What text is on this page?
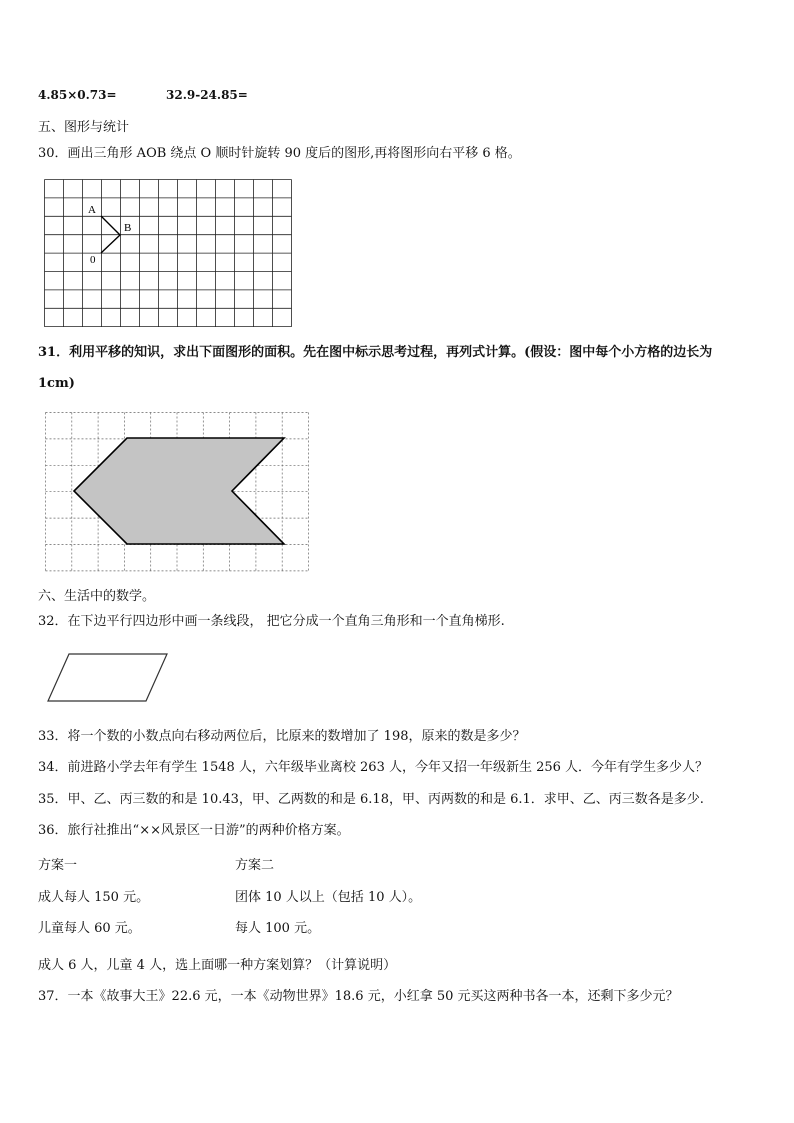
4.85×0.73=	32.9-24.85=
五、图形与统计
30．画出三角形 AOB 绕点 O 顺时针旋转 90 度后的图形,再将图形向右平移 6 格。
A
B
0
31．利用平移的知识，求出下面图形的面积。先在图中标示思考过程，再列式计算。(假设：图中每个小方格的边长为
1cm)
六、生活中的数学。
32．在下边平行四边形中画一条线段， 把它分成一个直角三角形和一个直角梯形.
33．将一个数的小数点向右移动两位后，比原来的数增加了 198，原来的数是多少？
34．前进路小学去年有学生 1548 人，六年级毕业离校 263 人，今年又招一年级新生 256 人．今年有学生多少人？
35．甲、乙、丙三数的和是 10.43，甲、乙两数的和是 6.18，甲、丙两数的和是 6.1．求甲、乙、丙三数各是多少.
36．旅行社推出“××风景区一日游”的两种价格方案。
方案一	方案二
成人每人 150 元。	团体 10 人以上（包括 10 人）。
儿童每人 60 元。	每人 100 元。
成人 6 人，儿童 4 人，选上面哪一种方案划算？（计算说明）
37．一本《故事大王》22.6 元，一本《动物世界》18.6 元，小红拿 50 元买这两种书各一本，还剩下多少元？
